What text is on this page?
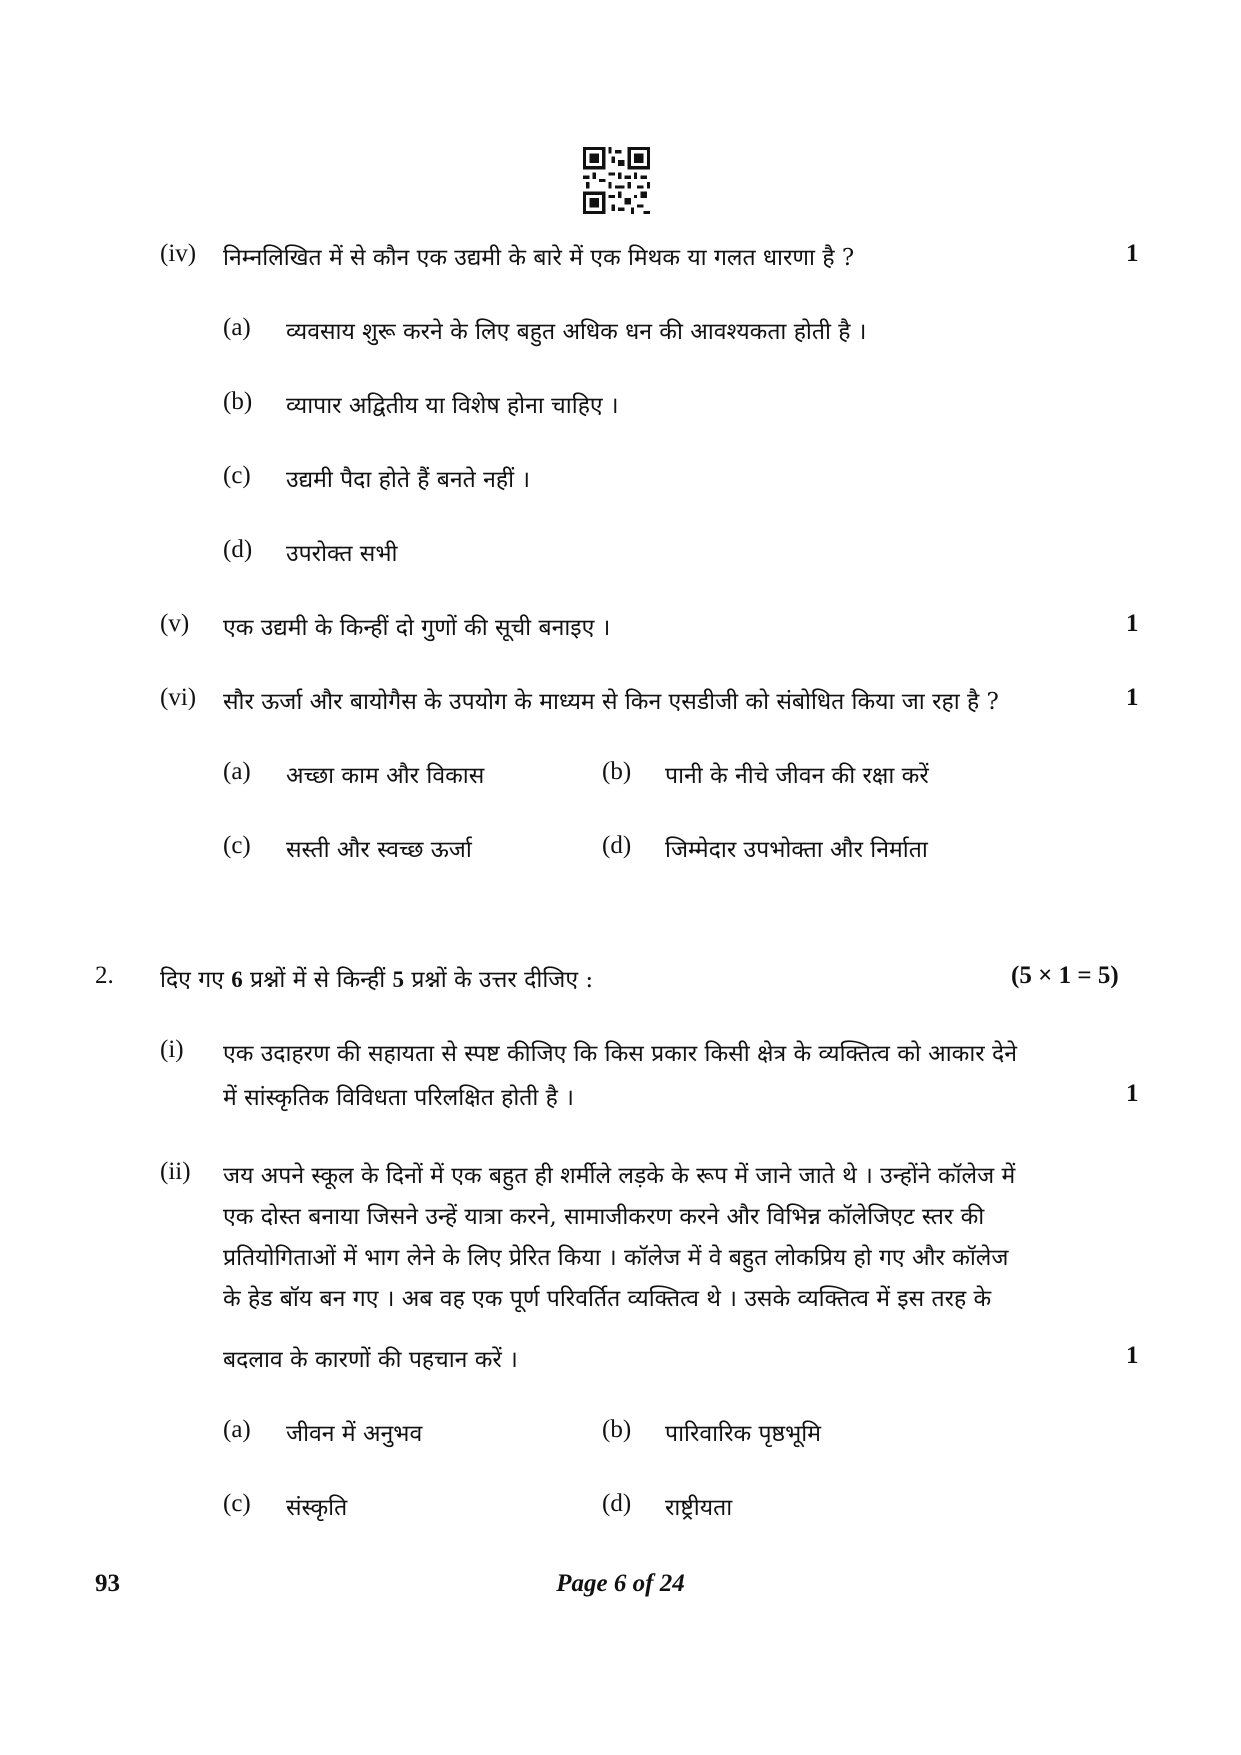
(iv) निम्नलिखित में से कौन एक उद्यमी के बारे में एक मिथक या गलत धारणा है ?	1
(a) व्यवसाय शुरू करने के लिए बहुत अधिक धन की आवश्यकता होती है ।
(b) व्यापार अद्वितीय या विशेष होना चाहिए ।
(c) उद्यमी पैदा होते हैं बनते नहीं ।
(d) उपरोक्त सभी
(v) एक उद्यमी के किन्हीं दो गुणों की सूची बनाइए ।	1
(vi) सौर ऊर्जा और बायोगैस के उपयोग के माध्यम से किन एसडीजी को संबोधित किया जा रहा है ?	1
(a) अच्छा काम और विकास	(b) पानी के नीचे जीवन की रक्षा करें
(c) सस्ती और स्वच्छ ऊर्जा	(d) जिम्मेदार उपभोक्ता और निर्माता
2. दिए गए 6 प्रश्नों में से किन्हीं 5 प्रश्नों के उत्तर दीजिए :	(5 × 1 = 5)
(i) एक उदाहरण की सहायता से स्पष्ट कीजिए कि किस प्रकार किसी क्षेत्र के व्यक्तित्व को आकार देने
में सांस्कृतिक विविधता परिलक्षित होती है ।	1
(ii) जय अपने स्कूल के दिनों में एक बहुत ही शर्मीले लड़के के रूप में जाने जाते थे । उन्होंने कॉलेज में
एक दोस्त बनाया जिसने उन्हें यात्रा करने, सामाजीकरण करने और विभिन्न कॉलेजिएट स्तर की
प्रतियोगिताओं में भाग लेने के लिए प्रेरित किया । कॉलेज में वे बहुत लोकप्रिय हो गए और कॉलेज
के हेड बॉय बन गए । अब वह एक पूर्ण परिवर्तित व्यक्तित्व थे । उसके व्यक्तित्व में इस तरह के
बदलाव के कारणों की पहचान करें ।	1
(a) जीवन में अनुभव	(b) पारिवारिक पृष्ठभूमि
(c) संस्कृति	(d) राष्ट्रीयता
93	Page 6 of 24
